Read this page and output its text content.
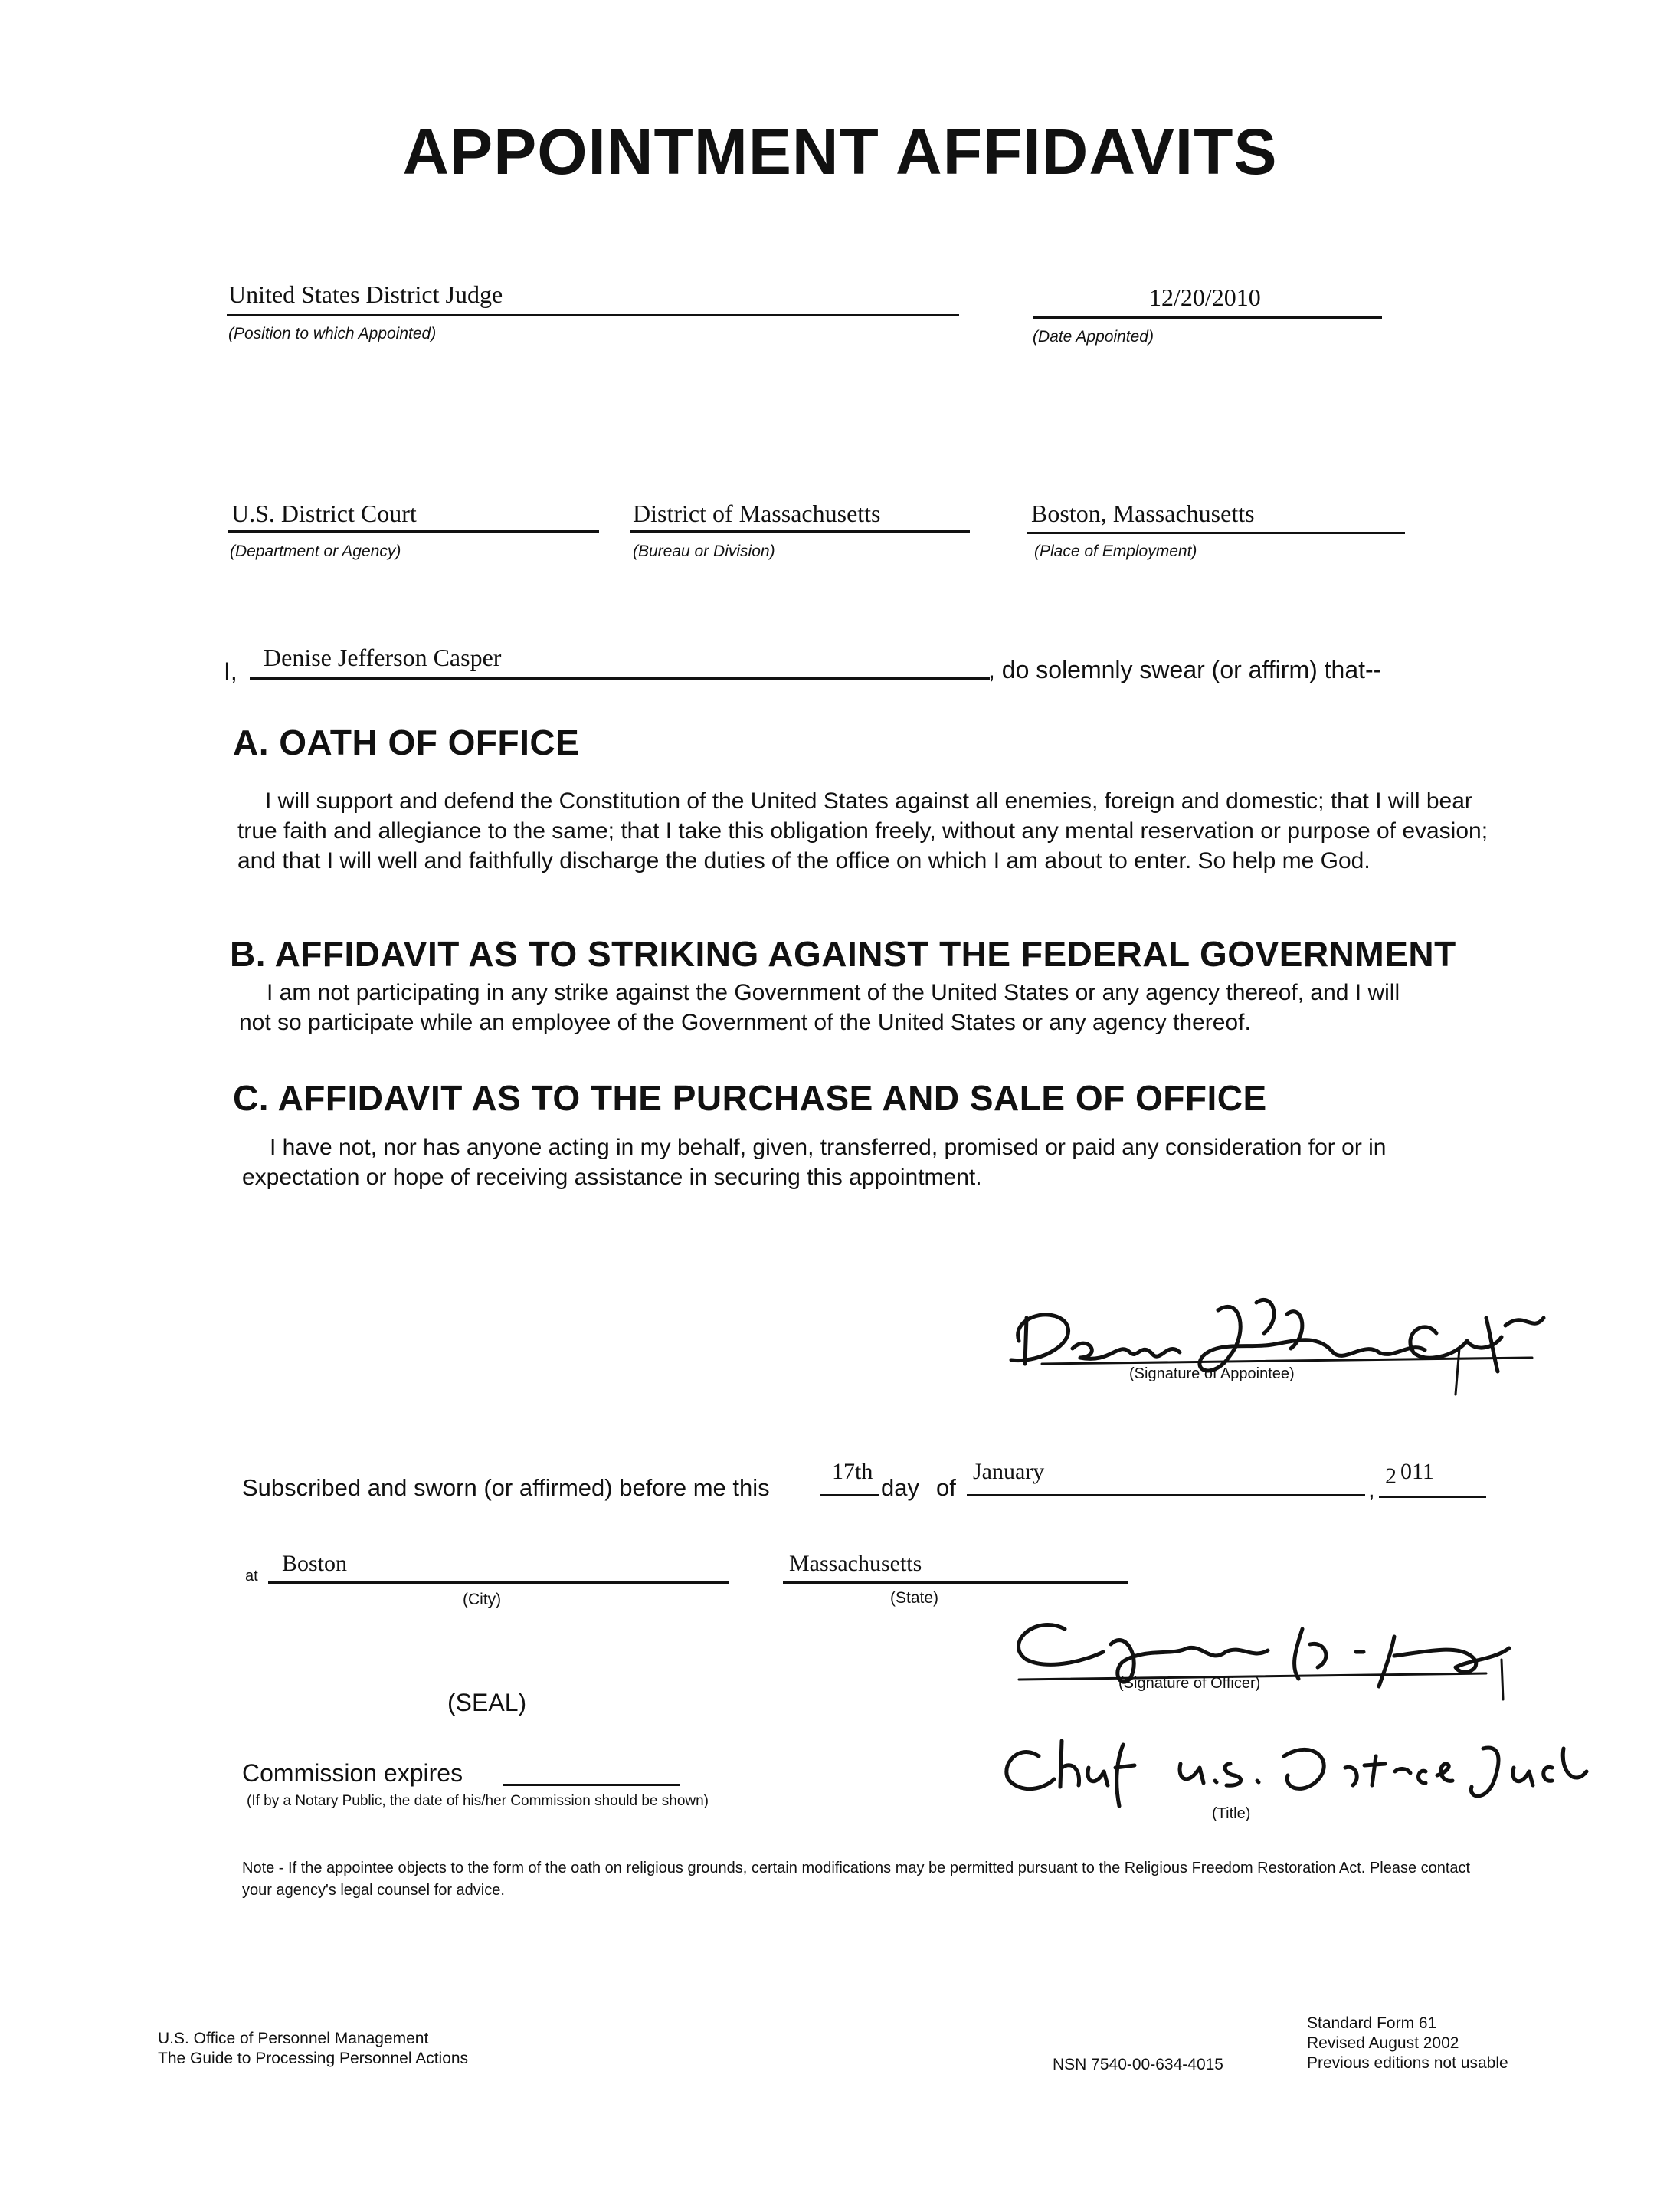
APPOINTMENT AFFIDAVITS
United States District Judge
(Position to which Appointed)
12/20/2010
(Date Appointed)
U.S. District Court
(Department or Agency)
District of Massachusetts
(Bureau or Division)
Boston, Massachusetts
(Place of Employment)
I, Denise Jefferson Casper	, do solemnly swear (or affirm) that--
A. OATH OF OFFICE
I will support and defend the Constitution of the United States against all enemies, foreign and domestic; that I will bear true faith and allegiance to the same; that I take this obligation freely, without any mental reservation or purpose of evasion; and that I will well and faithfully discharge the duties of the office on which I am about to enter. So help me God.
B. AFFIDAVIT AS TO STRIKING AGAINST THE FEDERAL GOVERNMENT
I am not participating in any strike against the Government of the United States or any agency thereof, and I will not so participate while an employee of the Government of the United States or any agency thereof.
C. AFFIDAVIT AS TO THE PURCHASE AND SALE OF OFFICE
I have not, nor has anyone acting in my behalf, given, transferred, promised or paid any consideration for or in expectation or hope of receiving assistance in securing this appointment.
(Signature of Appointee)
Subscribed and sworn (or affirmed) before me this
17th
day of
January
, 2 011
at Boston
(City)
Massachusetts
(State)
(Signature of Officer)
(SEAL)
(Title)
Commission expires
(If by a Notary Public, the date of his/her Commission should be shown)
Note - If the appointee objects to the form of the oath on religious grounds, certain modifications may be permitted pursuant to the Religious Freedom Restoration Act. Please contact your agency's legal counsel for advice.
U.S. Office of Personnel Management
The Guide to Processing Personnel Actions	NSN 7540-00-634-4015
Standard Form 61
Revised August 2002
Previous editions not usable
